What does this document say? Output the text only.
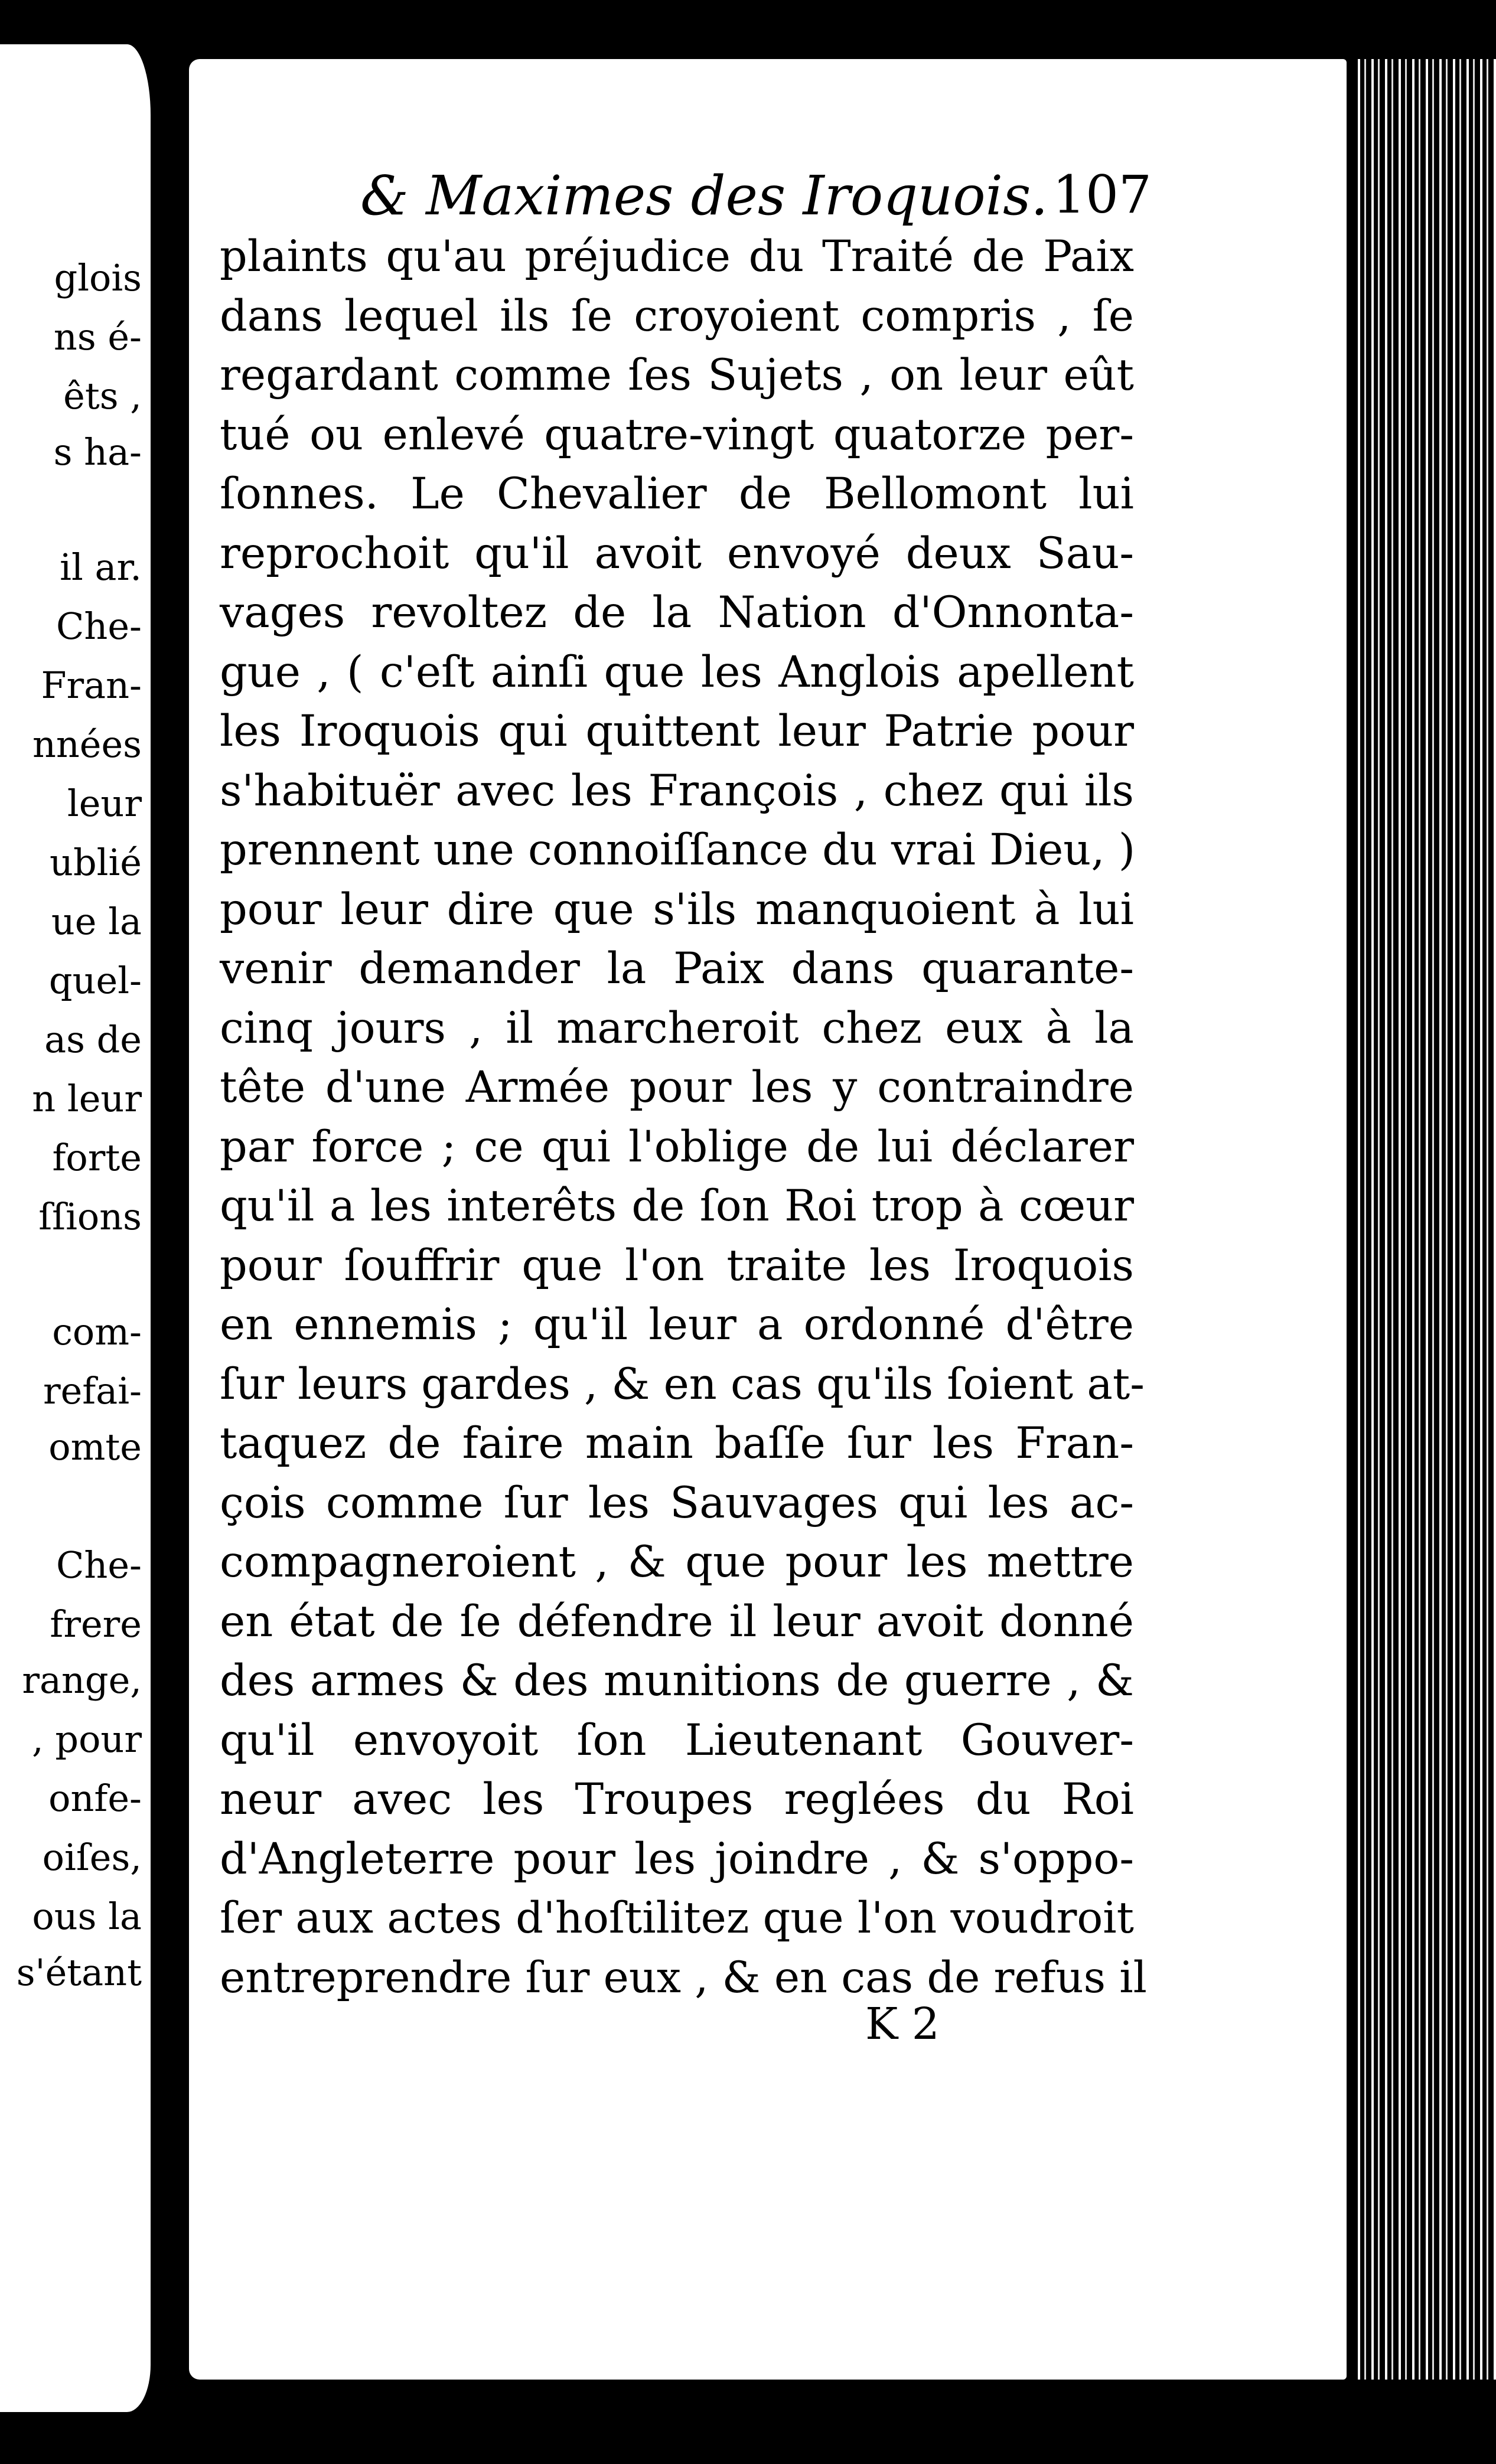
& Maximes des Iroquois. 107
plaints qu'au préjudice du Traité de Paix
dans lequel ils ſe croyoient compris , ſe
regardant comme ſes Sujets , on leur eût
tué ou enlevé quatre-vingt quatorze per-
ſonnes. Le Chevalier de Bellomont lui
reprochoit qu'il avoit envoyé deux Sau-
vages revoltez de la Nation d'Onnonta-
gue , ( c'eſt ainſi que les Anglois apellent
les Iroquois qui quittent leur Patrie pour
s'habituër avec les François , chez qui ils
prennent une connoiſſance du vrai Dieu, )
pour leur dire que s'ils manquoient à lui
venir demander la Paix dans quarante-
cinq jours , il marcheroit chez eux à la
tête d'une Armée pour les y contraindre
par force ; ce qui l'oblige de lui déclarer
qu'il a les interêts de ſon Roi trop à cœur
pour ſouffrir que l'on traite les Iroquois
en ennemis ; qu'il leur a ordonné d'être
ſur leurs gardes , & en cas qu'ils ſoient at-
taquez de faire main baſſe ſur les Fran-
çois comme ſur les Sauvages qui les ac-
compagneroient , & que pour les mettre
en état de ſe défendre il leur avoit donné
des armes & des munitions de guerre , &
qu'il envoyoit ſon Lieutenant Gouver-
neur avec les Troupes reglées du Roi
d'Angleterre pour les joindre , & s'oppo-
ſer aux actes d'hoſtilitez que l'on voudroit
entreprendre ſur eux , & en cas de refus il
K 2
glois
ns é-
êts ,
s ha-
il ar.
Che-
Fran-
nnées
leur
ublié
ue la
quel-
as de
n leur
forte
ſſions
com-
refai-
omte
Che-
frere
range,
, pour
onfe-
oiſes,
ous la
s'étant
